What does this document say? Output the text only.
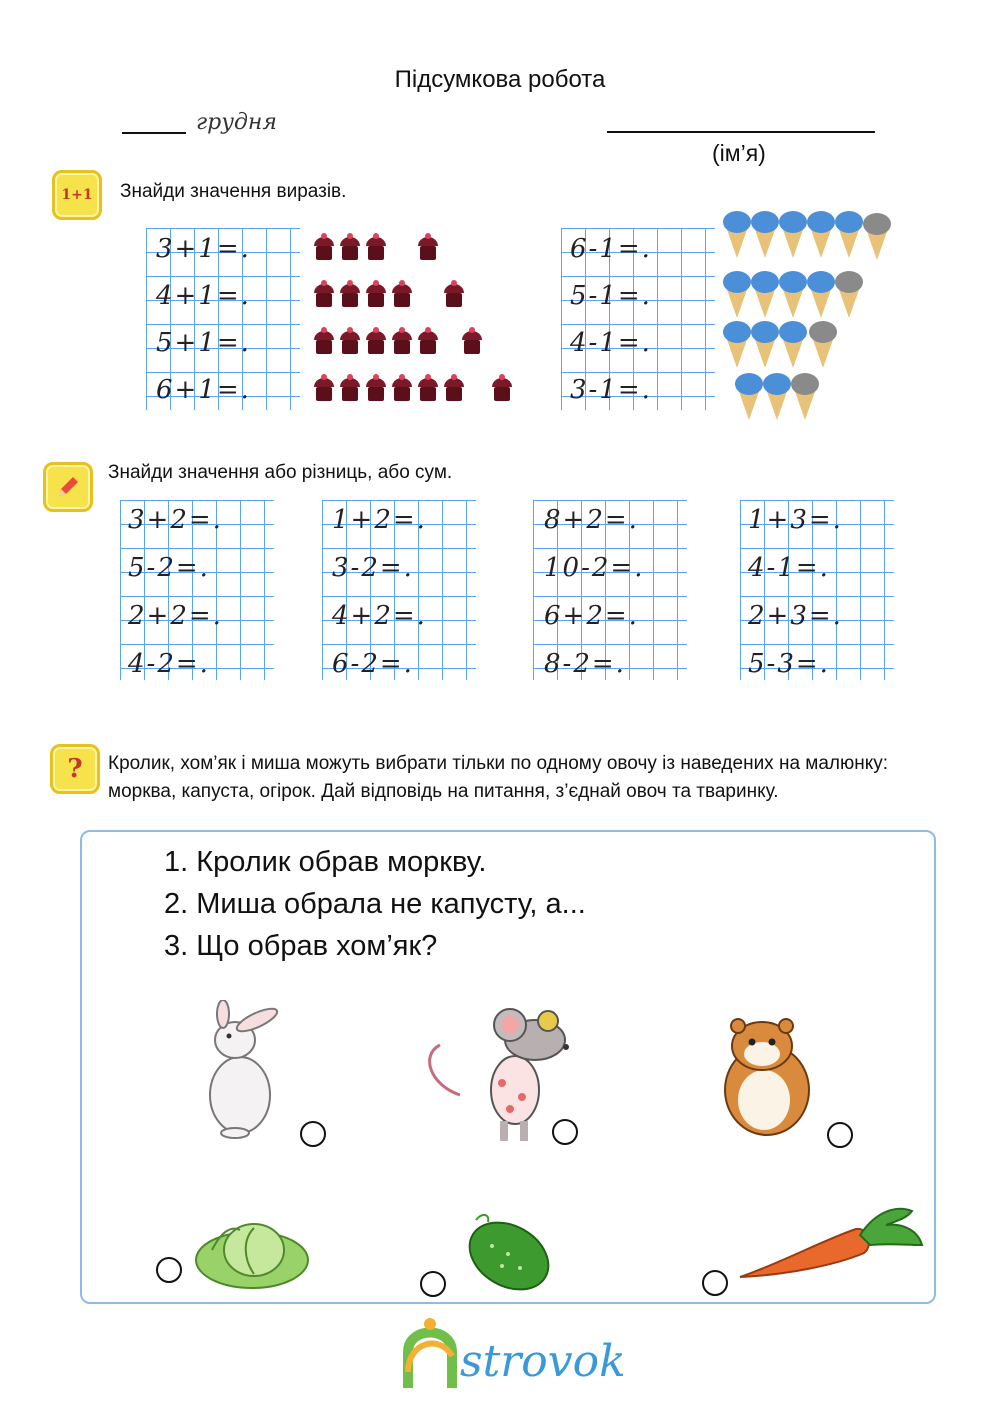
Підсумкова робота
грудня
(ім’я)
1+1 Знайди значення виразів.
3+1=.
4+1=.
5+1=.
6+1=.
6-1=.
5-1=.
4-1=.
3-1=.
Знайди значення або різниць, або сум.
3+2=.
5-2=.
2+2=.
4-2=.
1+2=.
3-2=.
4+2=.
6-2=.
8+2=.
10-2=.
6+2=.
8-2=.
1+3=.
4-1=.
2+3=.
5-3=.
? Кролик, хом’як і миша можуть вибрати тільки по одному овочу із наведених на малюнку: морква, капуста, огірок. Дай відповідь на питання, з’єднай овоч та тваринку.
1. Кролик обрав моркву.
2. Миша обрала не капусту, а...
3. Що обрав хом’як?
strovok
